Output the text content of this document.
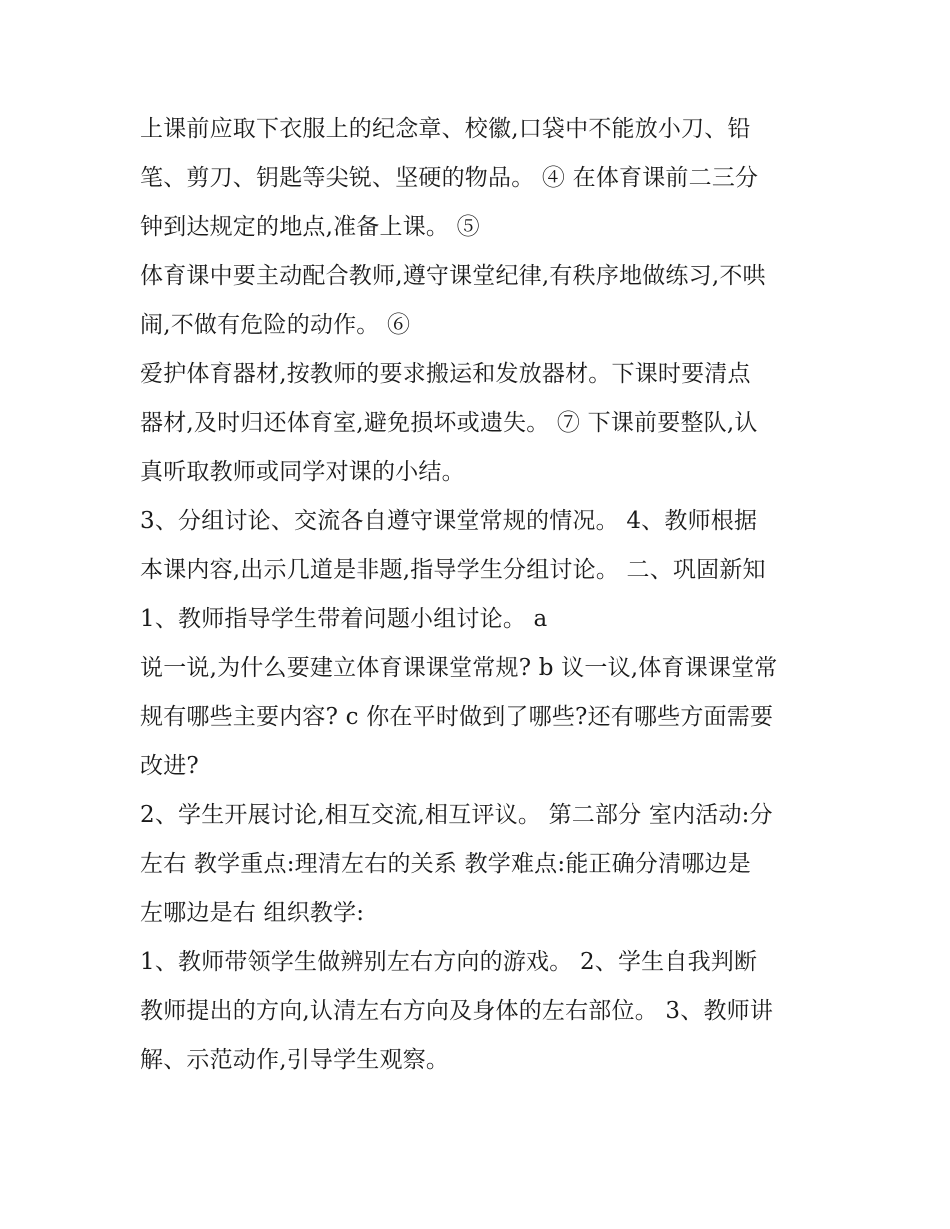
上课前应取下衣服上的纪念章、校徽,口袋中不能放小刀、铅
笔、剪刀、钥匙等尖锐、坚硬的物品。 ④ 在体育课前二三分
钟到达规定的地点,准备上课。 ⑤
体育课中要主动配合教师,遵守课堂纪律,有秩序地做练习,不哄
闹,不做有危险的动作。 ⑥
爱护体育器材,按教师的要求搬运和发放器材。下课时要清点
器材,及时归还体育室,避免损坏或遗失。 ⑦ 下课前要整队,认
真听取教师或同学对课的小结。
3、分组讨论、交流各自遵守课堂常规的情况。 4、教师根据
本课内容,出示几道是非题,指导学生分组讨论。 二、巩固新知
1、教师指导学生带着问题小组讨论。 a
说一说,为什么要建立体育课课堂常规? b 议一议,体育课课堂常
规有哪些主要内容? c 你在平时做到了哪些?还有哪些方面需要
改进?
2、学生开展讨论,相互交流,相互评议。 第二部分 室内活动:分
左右 教学重点:理清左右的关系 教学难点:能正确分清哪边是
左哪边是右 组织教学:
1、教师带领学生做辨别左右方向的游戏。 2、学生自我判断
教师提出的方向,认清左右方向及身体的左右部位。 3、教师讲
解、示范动作,引导学生观察。
